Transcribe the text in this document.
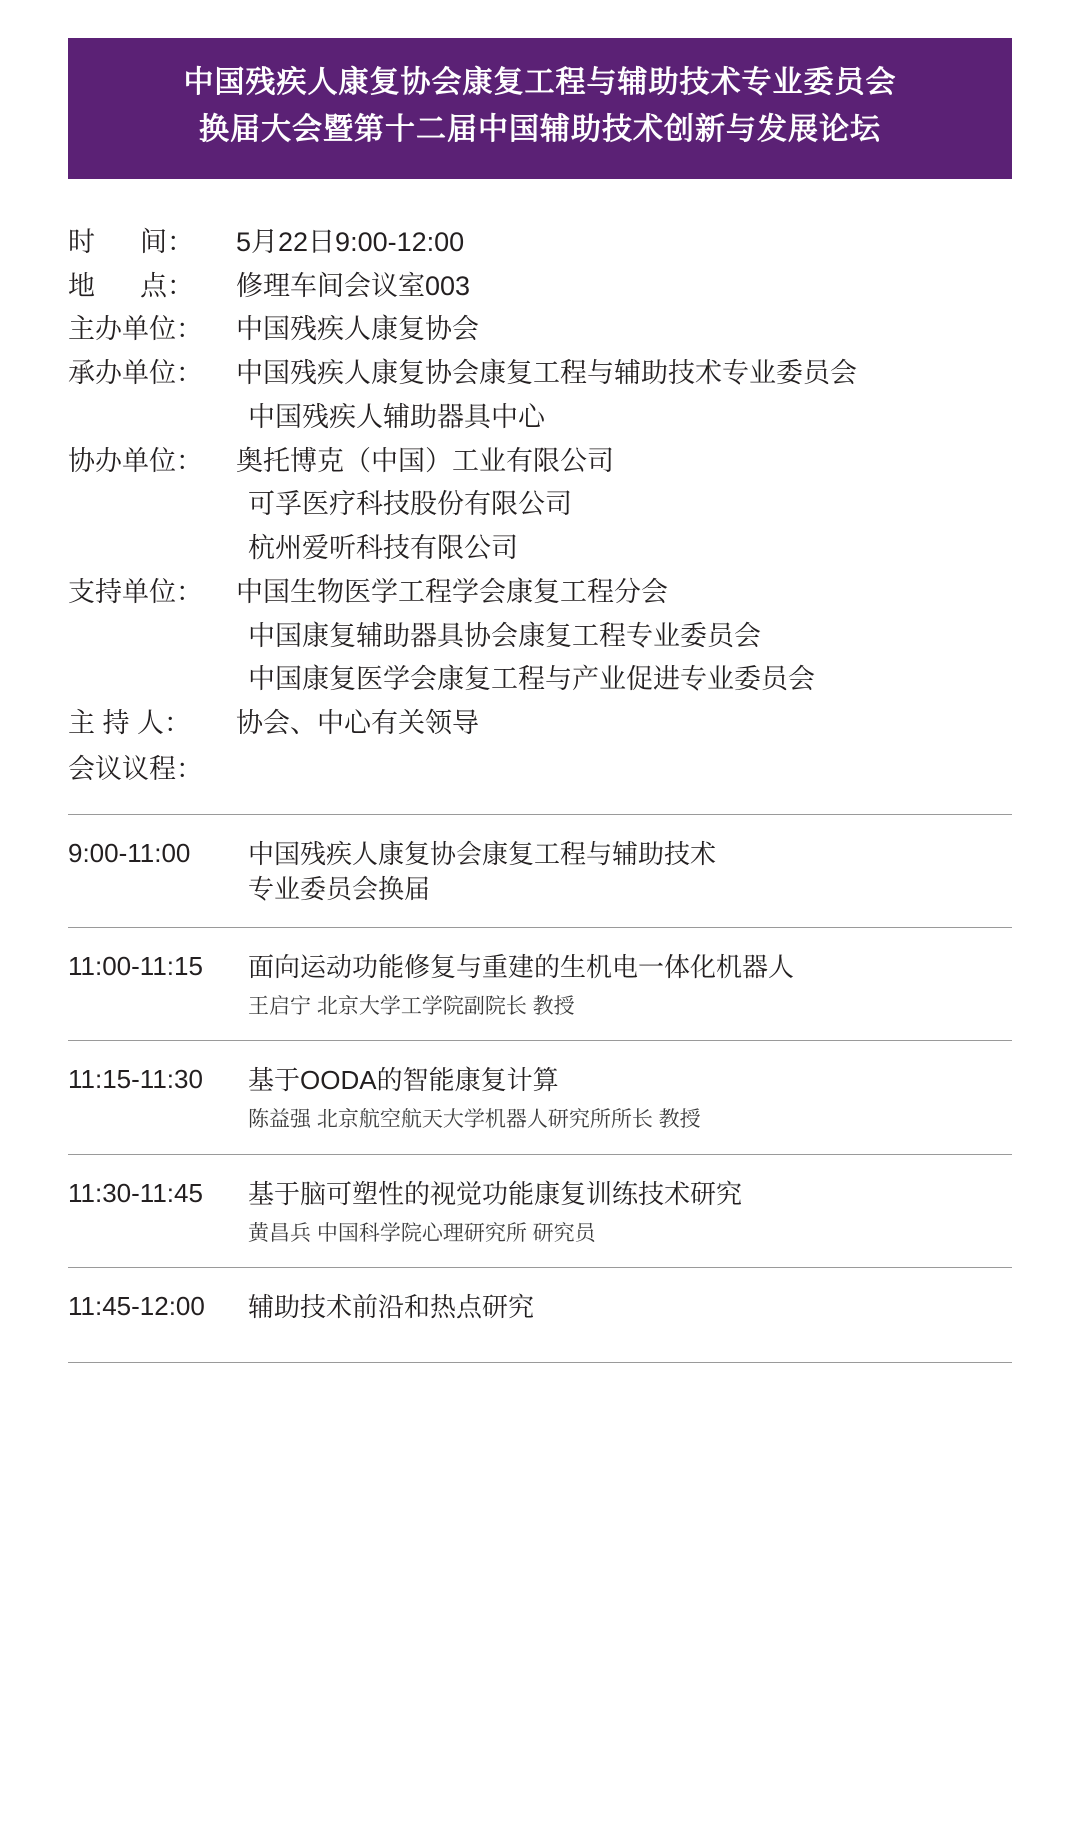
中国残疾人康复协会康复工程与辅助技术专业委员会
换届大会暨第十二届中国辅助技术创新与发展论坛
时      间：	5月22日9:00-12:00
地      点：	修理车间会议室003
主办单位：	中国残疾人康复协会
承办单位：	中国残疾人康复协会康复工程与辅助技术专业委员会
中国残疾人辅助器具中心
协办单位：	奥托博克（中国）工业有限公司
可孚医疗科技股份有限公司
杭州爱听科技有限公司
支持单位：	中国生物医学工程学会康复工程分会
中国康复辅助器具协会康复工程专业委员会
中国康复医学会康复工程与产业促进专业委员会
主 持 人：	协会、中心有关领导
会议议程：
9:00-11:00	中国残疾人康复协会康复工程与辅助技术
专业委员会换届
11:00-11:15	面向运动功能修复与重建的生机电一体化机器人
王启宁 北京大学工学院副院长 教授
11:15-11:30	基于OODA的智能康复计算
陈益强 北京航空航天大学机器人研究所所长 教授
11:30-11:45	基于脑可塑性的视觉功能康复训练技术研究
黄昌兵 中国科学院心理研究所 研究员
11:45-12:00	辅助技术前沿和热点研究
